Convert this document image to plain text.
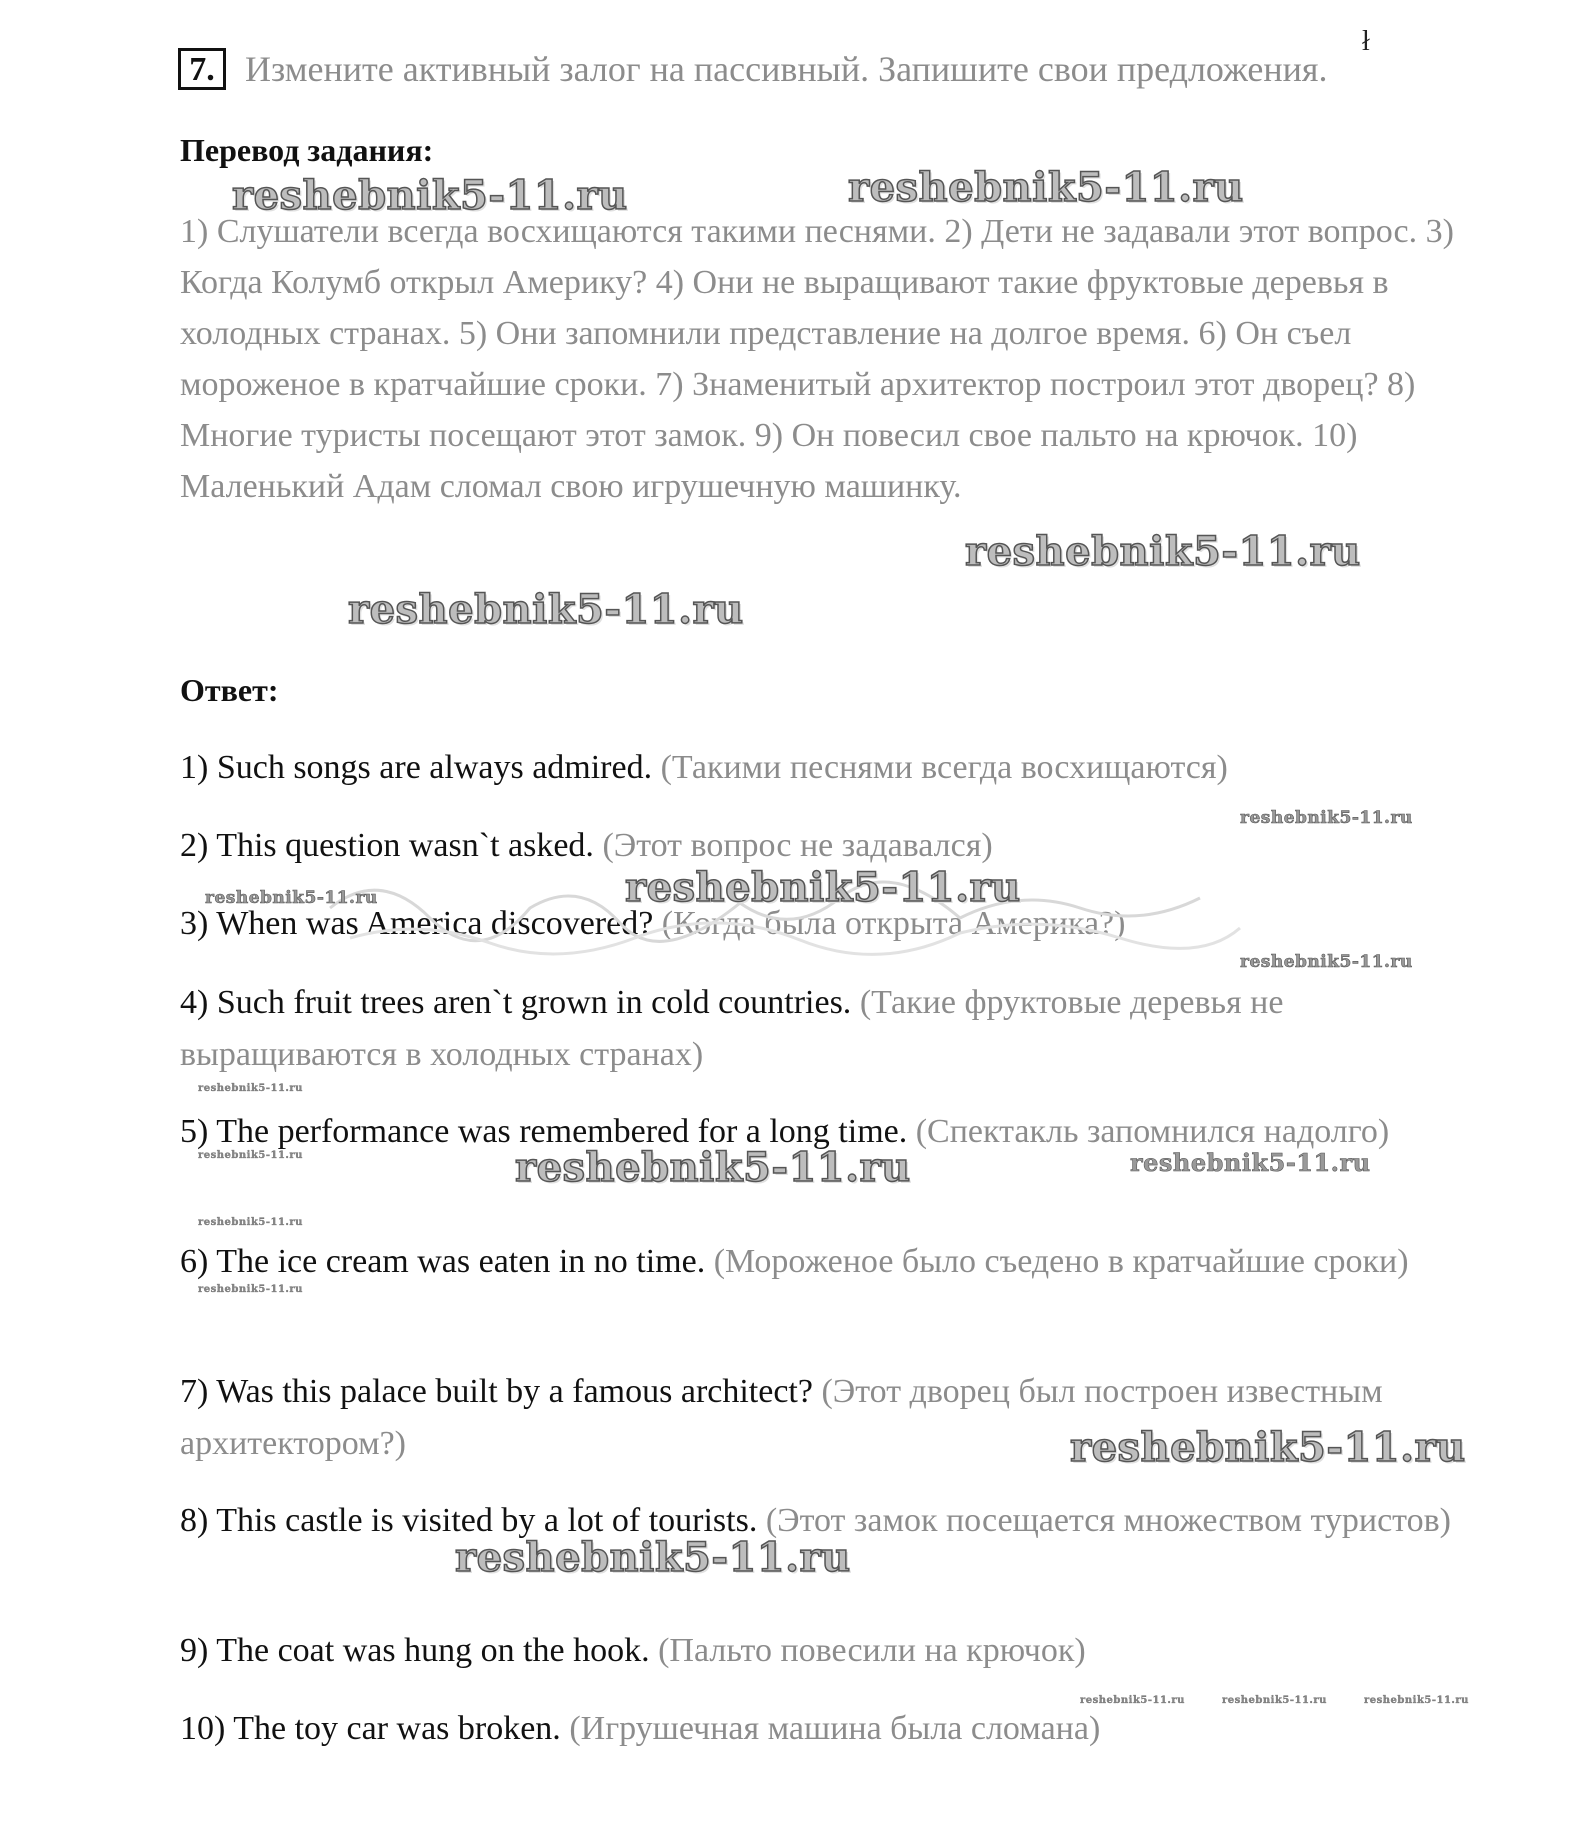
7. Измените активный залог на пассивный. Запишите свои предложения.
ł
Перевод задания:
1) Слушатели всегда восхищаются такими песнями. 2) Дети не задавали этот вопрос. 3) Когда Колумб открыл Америку? 4) Они не выращивают такие фруктовые деревья в холодных странах. 5) Они запомнили представление на долгое время. 6) Он съел мороженое в кратчайшие сроки. 7) Знаменитый архитектор построил этот дворец? 8) Многие туристы посещают этот замок. 9) Он повесил свое пальто на крючок. 10) Маленький Адам сломал свою игрушечную машинку.
Ответ:
1) Such songs are always admired. (Такими песнями всегда восхищаются)
2) This question wasn`t asked. (Этот вопрос не задавался)
3) When was America discovered? (Когда была открыта Америка?)
4) Such fruit trees aren`t grown in cold countries. (Такие фруктовые деревья не выращиваются в холодных странах)
5) The performance was remembered for a long time. (Спектакль запомнился надолго)
6) The ice cream was eaten in no time. (Мороженое было съедено в кратчайшие сроки)
7) Was this palace built by a famous architect? (Этот дворец был построен известным архитектором?)
8) This castle is visited by a lot of tourists. (Этот замок посещается множеством туристов)
9) The coat was hung on the hook. (Пальто повесили на крючок)
10) The toy car was broken. (Игрушечная машина была сломана)
reshebnik5-11.ru	reshebnik5-11.ru
reshebnik5-11.ru
reshebnik5-11.ru
reshebnik5-11.ru
reshebnik5-11.ru
reshebnik5-11.ru
reshebnik5-11.ru
reshebnik5-11.ru
reshebnik5-11.ru
reshebnik5-11.ru
reshebnik5-11.ru
reshebnik5-11.ru
reshebnik5-11.ru
reshebnik5-11.ru
reshebnik5-11.ru
reshebnik5-11.ru	reshebnik5-11.ru	reshebnik5-11.ru
